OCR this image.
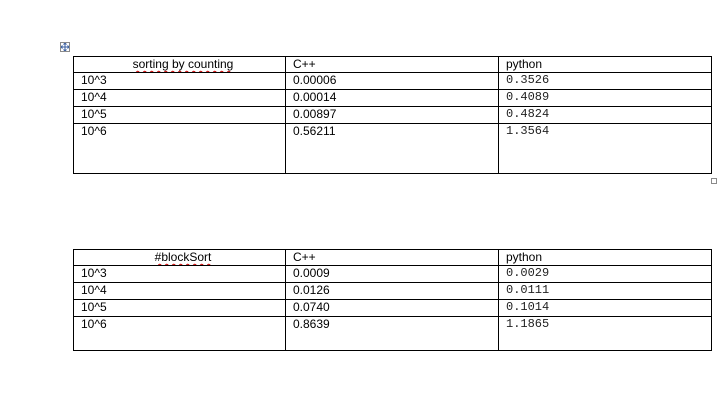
sorting by counting	C++	python
10^3	0.00006	0.3526
10^4	0.00014	0.4089
10^5	0.00897	0.4824
10^6	0.56211	1.3564
#blockSort	C++	python
10^3	0.0009	0.0029
10^4	0.0126	0.0111
10^5	0.0740	0.1014
10^6	0.8639	1.1865
